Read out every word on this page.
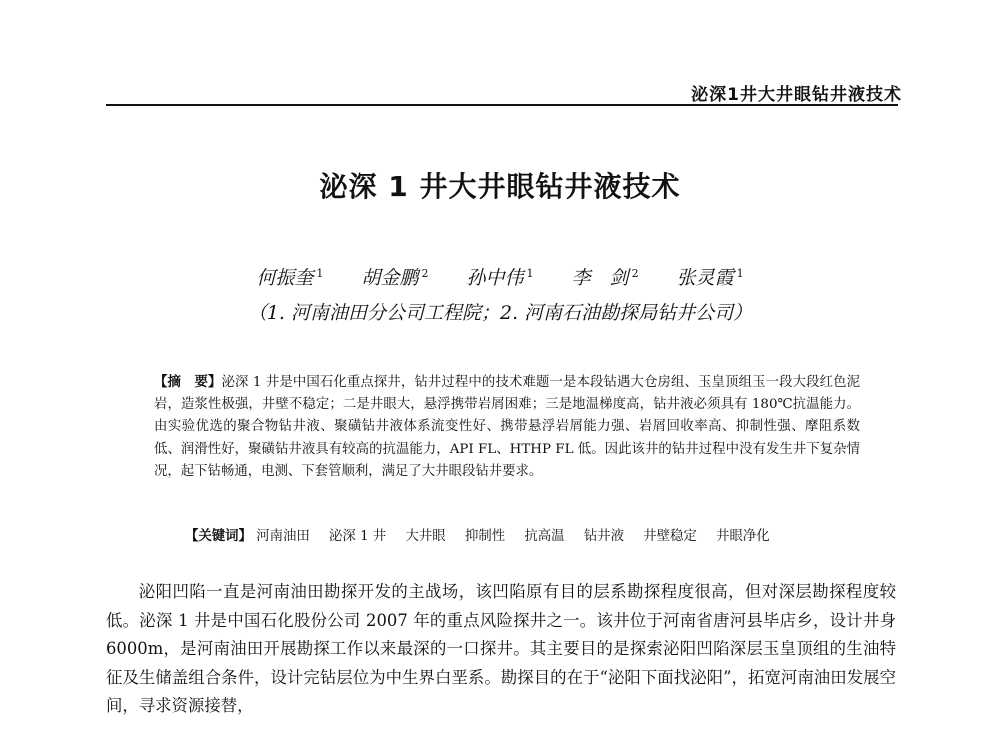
泌深1井大井眼钻井液技术
泌深 1 井大井眼钻井液技术
何振奎 $^1$ 胡金鹏 $^2$ 孙中伟 $^1$ 李　剑 $^2$ 张灵霞 $^1$
（1. 河南油田分公司工程院；2. 河南石油勘探局钻井公司）
【摘　要】泌深 1 井是中国石化重点探井，钻井过程中的技术难题一是本段钻遇大仓房组、玉皇顶组玉一段大段红色泥岩，造浆性极强，井壁不稳定；二是井眼大，悬浮携带岩屑困难；三是地温梯度高，钻井液必须具有 180℃抗温能力。由实验优选的聚合物钻井液、聚磺钻井液体系流变性好、携带悬浮岩屑能力强、岩屑回收率高、抑制性强、摩阻系数低、润滑性好，聚磺钻井液具有较高的抗温能力，API FL、HTHP FL 低。因此该井的钻井过程中没有发生井下复杂情况，起下钻畅通，电测、下套管顺利，满足了大井眼段钻井要求。
【关键词】 河南油田 泌深 1 井 大井眼 抑制性 抗高温 钻井液 井壁稳定 井眼净化
泌阳凹陷一直是河南油田勘探开发的主战场，该凹陷原有目的层系勘探程度很高，但对深层勘探程度较低。泌深 1 井是中国石化股份公司 2007 年的重点风险探井之一。该井位于河南省唐河县毕店乡，设计井身 6000m，是河南油田开展勘探工作以来最深的一口探井。其主要目的是探索泌阳凹陷深层玉皇顶组的生油特征及生储盖组合条件，设计完钻层位为中生界白垩系。勘探目的在于“泌阳下面找泌阳”，拓宽河南油田发展空间，寻求资源接替，
